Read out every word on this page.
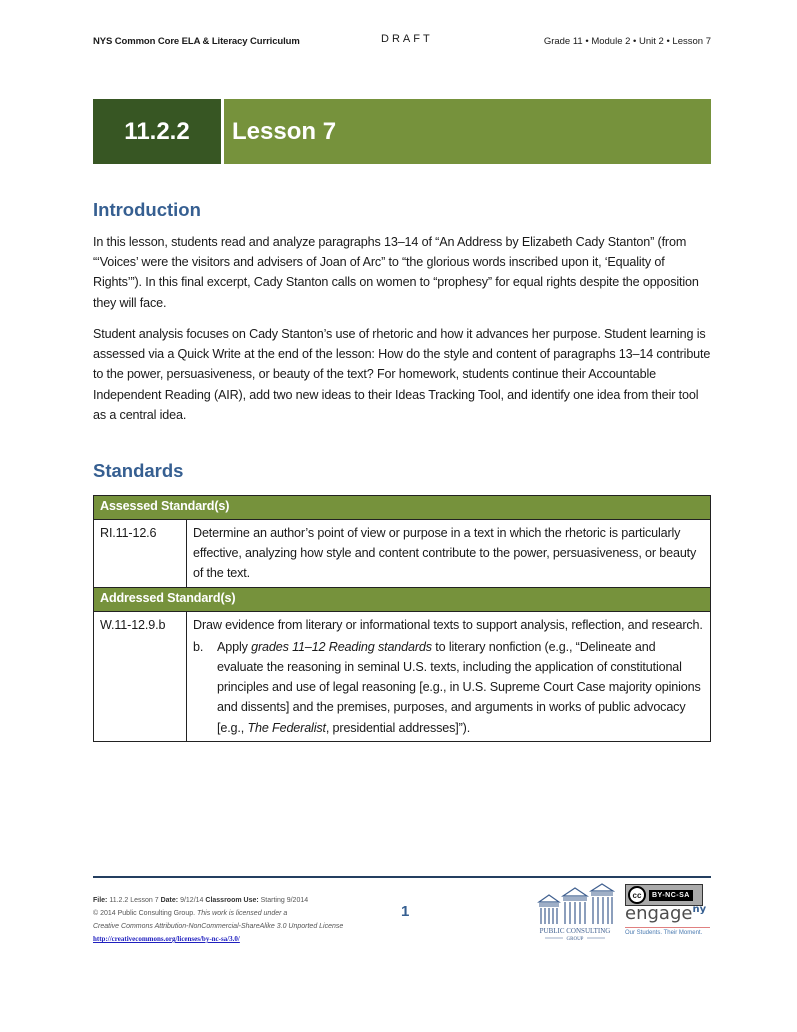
NYS Common Core ELA & Literacy Curriculum	DRAFT	Grade 11 • Module 2 • Unit 2 • Lesson 7
11.2.2	Lesson 7
Introduction

In this lesson, students read and analyze paragraphs 13–14 of “An Address by Elizabeth Cady Stanton” (from “‘Voices’ were the visitors and advisers of Joan of Arc” to “the glorious words inscribed upon it, ‘Equality of Rights’”). In this final excerpt, Cady Stanton calls on women to “prophesy” for equal rights despite the opposition they will face.

Student analysis focuses on Cady Stanton’s use of rhetoric and how it advances her purpose. Student learning is assessed via a Quick Write at the end of the lesson: How do the style and content of paragraphs 13–14 contribute to the power, persuasiveness, or beauty of the text? For homework, students continue their Accountable Independent Reading (AIR), add two new ideas to their Ideas Tracking Tool, and identify one idea from their tool as a central idea.

Standards
Assessed Standard(s)	
RI.11-12.6	Determine an author’s point of view or purpose in a text in which the rhetoric is particularly effective, analyzing how style and content contribute to the power, persuasiveness, or beauty of the text.
Addressed Standard(s)	
W.11-12.9.b	Draw evidence from literary or informational texts to support analysis, reflection, and research.
b. Apply grades 11–12 Reading standards to literary nonfiction (e.g., “Delineate and evaluate the reasoning in seminal U.S. texts, including the application of constitutional principles and use of legal reasoning [e.g., in U.S. Supreme Court Case majority opinions and dissents] and the premises, purposes, and arguments in works of public advocacy [e.g., The Federalist, presidential addresses]”).
File: 11.2.2 Lesson 7 Date: 9/12/14 Classroom Use: Starting 9/2014
© 2014 Public Consulting Group. This work is licensed under a
Creative Commons Attribution-NonCommercial-ShareAlike 3.0 Unported License
http://creativecommons.org/licenses/by-nc-sa/3.0/
1
PUBLIC CONSULTING
GROUP
cc	BY-NC-SA
engage$^{ny}$
Our Students. Their Moment.
